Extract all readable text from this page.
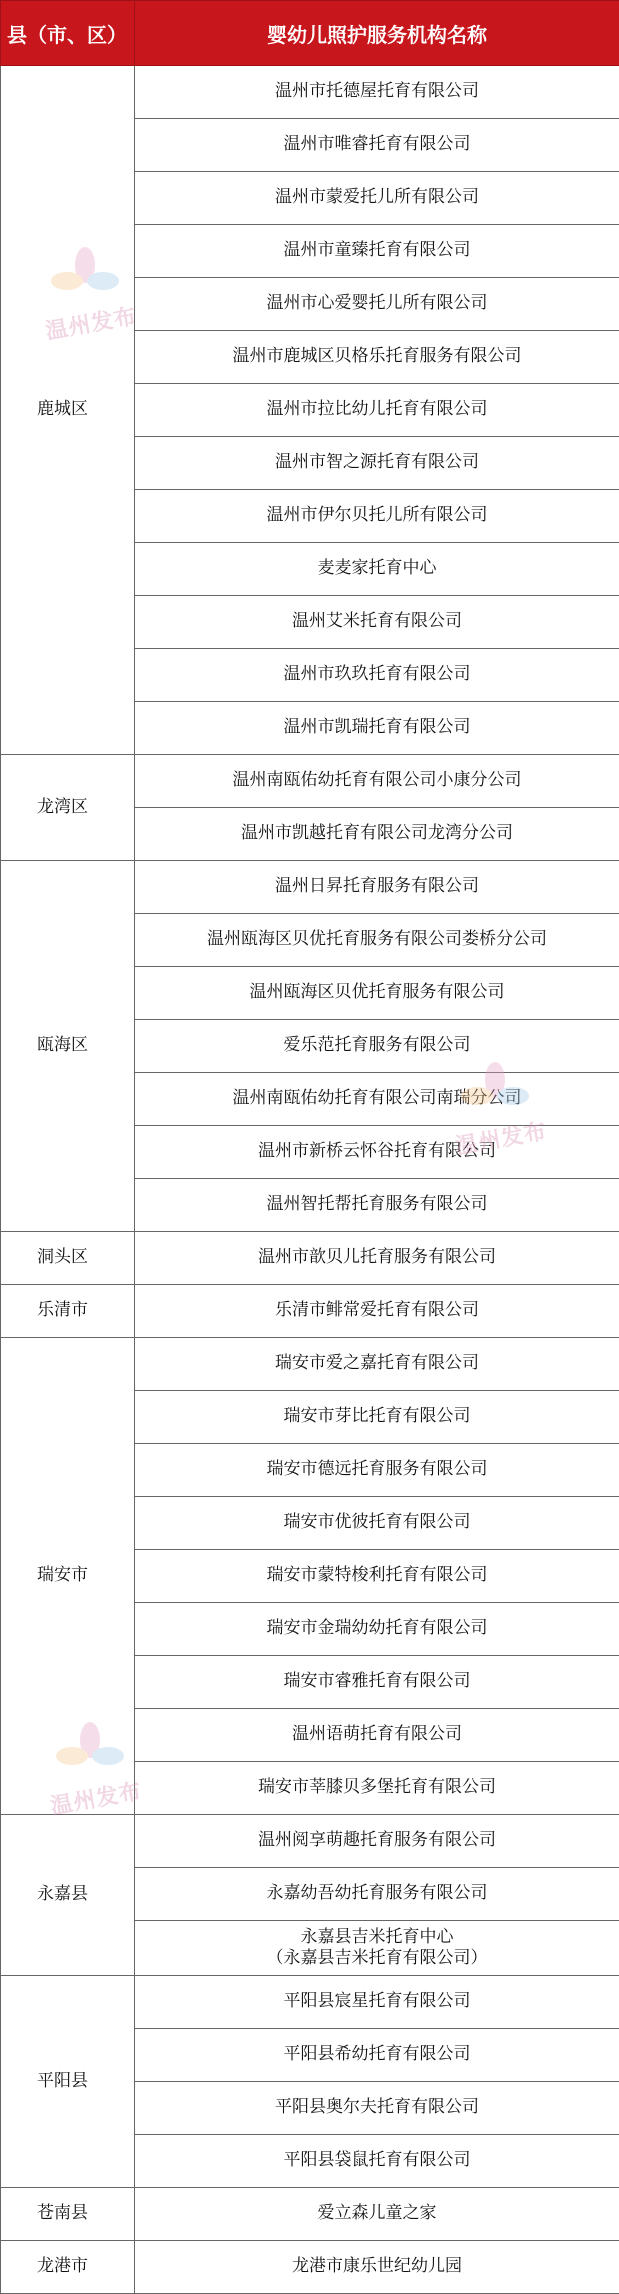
县（市、区）	婴幼儿照护服务机构名称
鹿城区	温州市托德屋托育有限公司
	温州市唯睿托育有限公司
	温州市蒙爱托儿所有限公司
	温州市童臻托育有限公司
	温州市心爱婴托儿所有限公司
	温州市鹿城区贝格乐托育服务有限公司
	温州市拉比幼儿托育有限公司
	温州市智之源托育有限公司
	温州市伊尔贝托儿所有限公司
	麦麦家托育中心
	温州艾米托育有限公司
	温州市玖玖托育有限公司
	温州市凯瑞托育有限公司
龙湾区	温州南瓯佑幼托育有限公司小康分公司
	温州市凯越托育有限公司龙湾分公司
瓯海区	温州日昇托育服务有限公司
	温州瓯海区贝优托育服务有限公司娄桥分公司
	温州瓯海区贝优托育服务有限公司
	爱乐范托育服务有限公司
	温州南瓯佑幼托育有限公司南瑞分公司
	温州市新桥云怀谷托育有限公司
	温州智托帮托育服务有限公司
洞头区	温州市歆贝儿托育服务有限公司
乐清市	乐清市鲱常爱托育有限公司
瑞安市	瑞安市爱之嘉托育有限公司
	瑞安市芽比托育有限公司
	瑞安市德远托育服务有限公司
	瑞安市优彼托育有限公司
	瑞安市蒙特梭利托育有限公司
	瑞安市金瑞幼幼托育有限公司
	瑞安市睿雅托育有限公司
	温州语萌托育有限公司
	瑞安市莘膝贝多堡托育有限公司
永嘉县	温州阅享萌趣托育服务有限公司
	永嘉幼吾幼托育服务有限公司

	永嘉县吉米托育中心
（永嘉县吉米托育有限公司）

平阳县	平阳县宸星托育有限公司
	平阳县希幼托育有限公司
	平阳县奥尔夫托育有限公司
	平阳县袋鼠托育有限公司
苍南县	爱立森儿童之家
龙港市	龙港市康乐世纪幼儿园
温州发布
温州发布
温州发布
